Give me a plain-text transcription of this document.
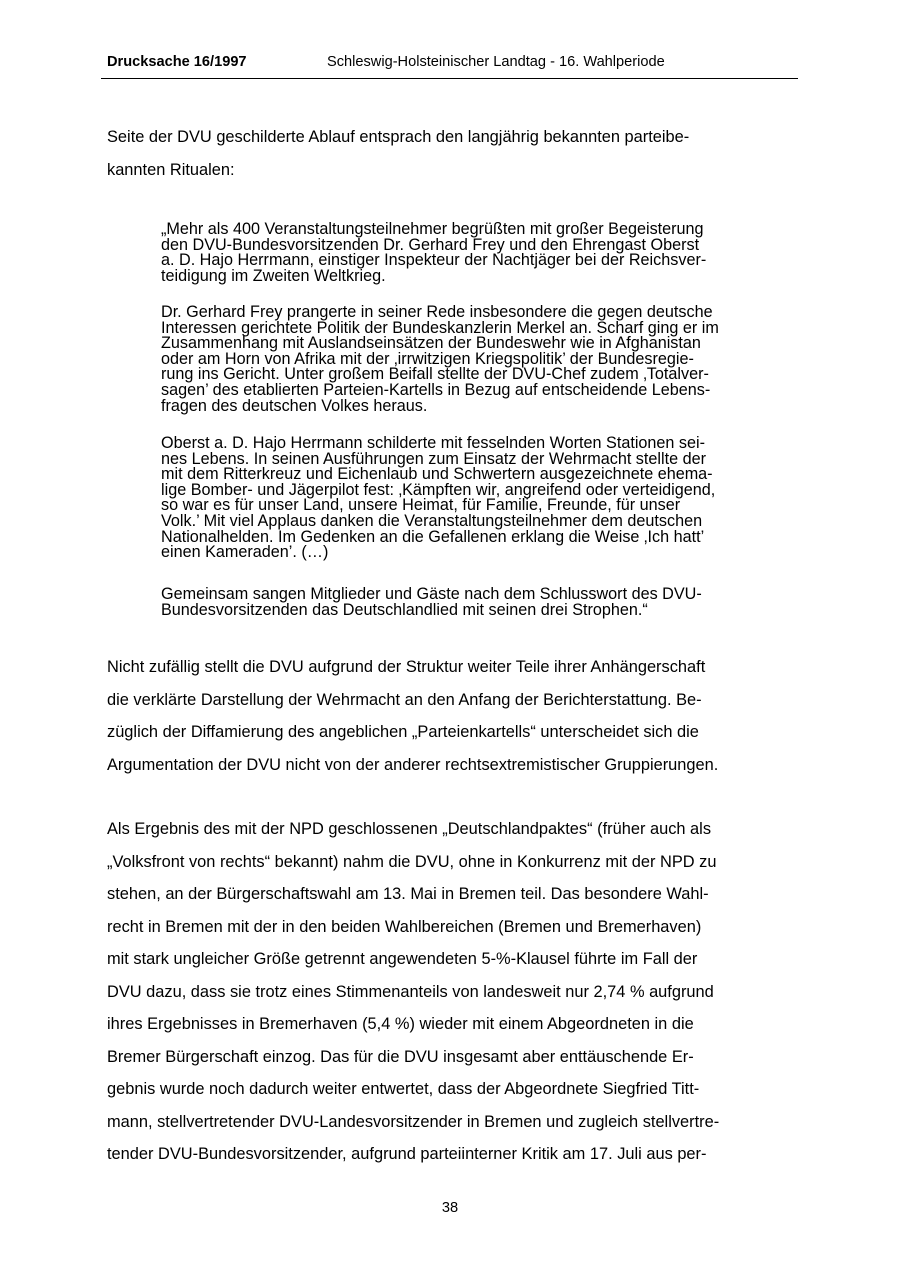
Drucksache 16/1997	Schleswig-Holsteinischer Landtag - 16. Wahlperiode

Seite der DVU geschilderte Ablauf entsprach den langjährig bekannten parteibe-
kannten Ritualen:

„Mehr als 400 Veranstaltungsteilnehmer begrüßten mit großer Begeisterung
den DVU-Bundesvorsitzenden Dr. Gerhard Frey und den Ehrengast Oberst
a. D. Hajo Herrmann, einstiger Inspekteur der Nachtjäger bei der Reichsver-
teidigung im Zweiten Weltkrieg.

Dr. Gerhard Frey prangerte in seiner Rede insbesondere die gegen deutsche
Interessen gerichtete Politik der Bundeskanzlerin Merkel an. Scharf ging er im
Zusammenhang mit Auslandseinsätzen der Bundeswehr wie in Afghanistan
oder am Horn von Afrika mit der ‚irrwitzigen Kriegspolitik’ der Bundesregie-
rung ins Gericht. Unter großem Beifall stellte der DVU-Chef zudem ‚Totalver-
sagen’ des etablierten Parteien-Kartells in Bezug auf entscheidende Lebens-
fragen des deutschen Volkes heraus.

Oberst a. D. Hajo Herrmann schilderte mit fesselnden Worten Stationen sei-
nes Lebens. In seinen Ausführungen zum Einsatz der Wehrmacht stellte der
mit dem Ritterkreuz und Eichenlaub und Schwertern ausgezeichnete ehema-
lige Bomber- und Jägerpilot fest: ‚Kämpften wir, angreifend oder verteidigend,
so war es für unser Land, unsere Heimat, für Familie, Freunde, für unser
Volk.’ Mit viel Applaus danken die Veranstaltungsteilnehmer dem deutschen
Nationalhelden. Im Gedenken an die Gefallenen erklang die Weise ‚Ich hatt’
einen Kameraden’. (…)

Gemeinsam sangen Mitglieder und Gäste nach dem Schlusswort des DVU-
Bundesvorsitzenden das Deutschlandlied mit seinen drei Strophen.“

Nicht zufällig stellt die DVU aufgrund der Struktur weiter Teile ihrer Anhängerschaft
die verklärte Darstellung der Wehrmacht an den Anfang der Berichterstattung. Be-
züglich der Diffamierung des angeblichen „Parteienkartells“ unterscheidet sich die
Argumentation der DVU nicht von der anderer rechtsextremistischer Gruppierungen.

Als Ergebnis des mit der NPD geschlossenen „Deutschlandpaktes“ (früher auch als
„Volksfront von rechts“ bekannt) nahm die DVU, ohne in Konkurrenz mit der NPD zu
stehen, an der Bürgerschaftswahl am 13. Mai in Bremen teil. Das besondere Wahl-
recht in Bremen mit der in den beiden Wahlbereichen (Bremen und Bremerhaven)
mit stark ungleicher Größe getrennt angewendeten 5-%-Klausel führte im Fall der
DVU dazu, dass sie trotz eines Stimmenanteils von landesweit nur 2,74 % aufgrund
ihres Ergebnisses in Bremerhaven (5,4 %) wieder mit einem Abgeordneten in die
Bremer Bürgerschaft einzog. Das für die DVU insgesamt aber enttäuschende Er-
gebnis wurde noch dadurch weiter entwertet, dass der Abgeordnete Siegfried Titt-
mann, stellvertretender DVU-Landesvorsitzender in Bremen und zugleich stellvertre-
tender DVU-Bundesvorsitzender, aufgrund parteiinterner Kritik am 17. Juli aus per-

38
